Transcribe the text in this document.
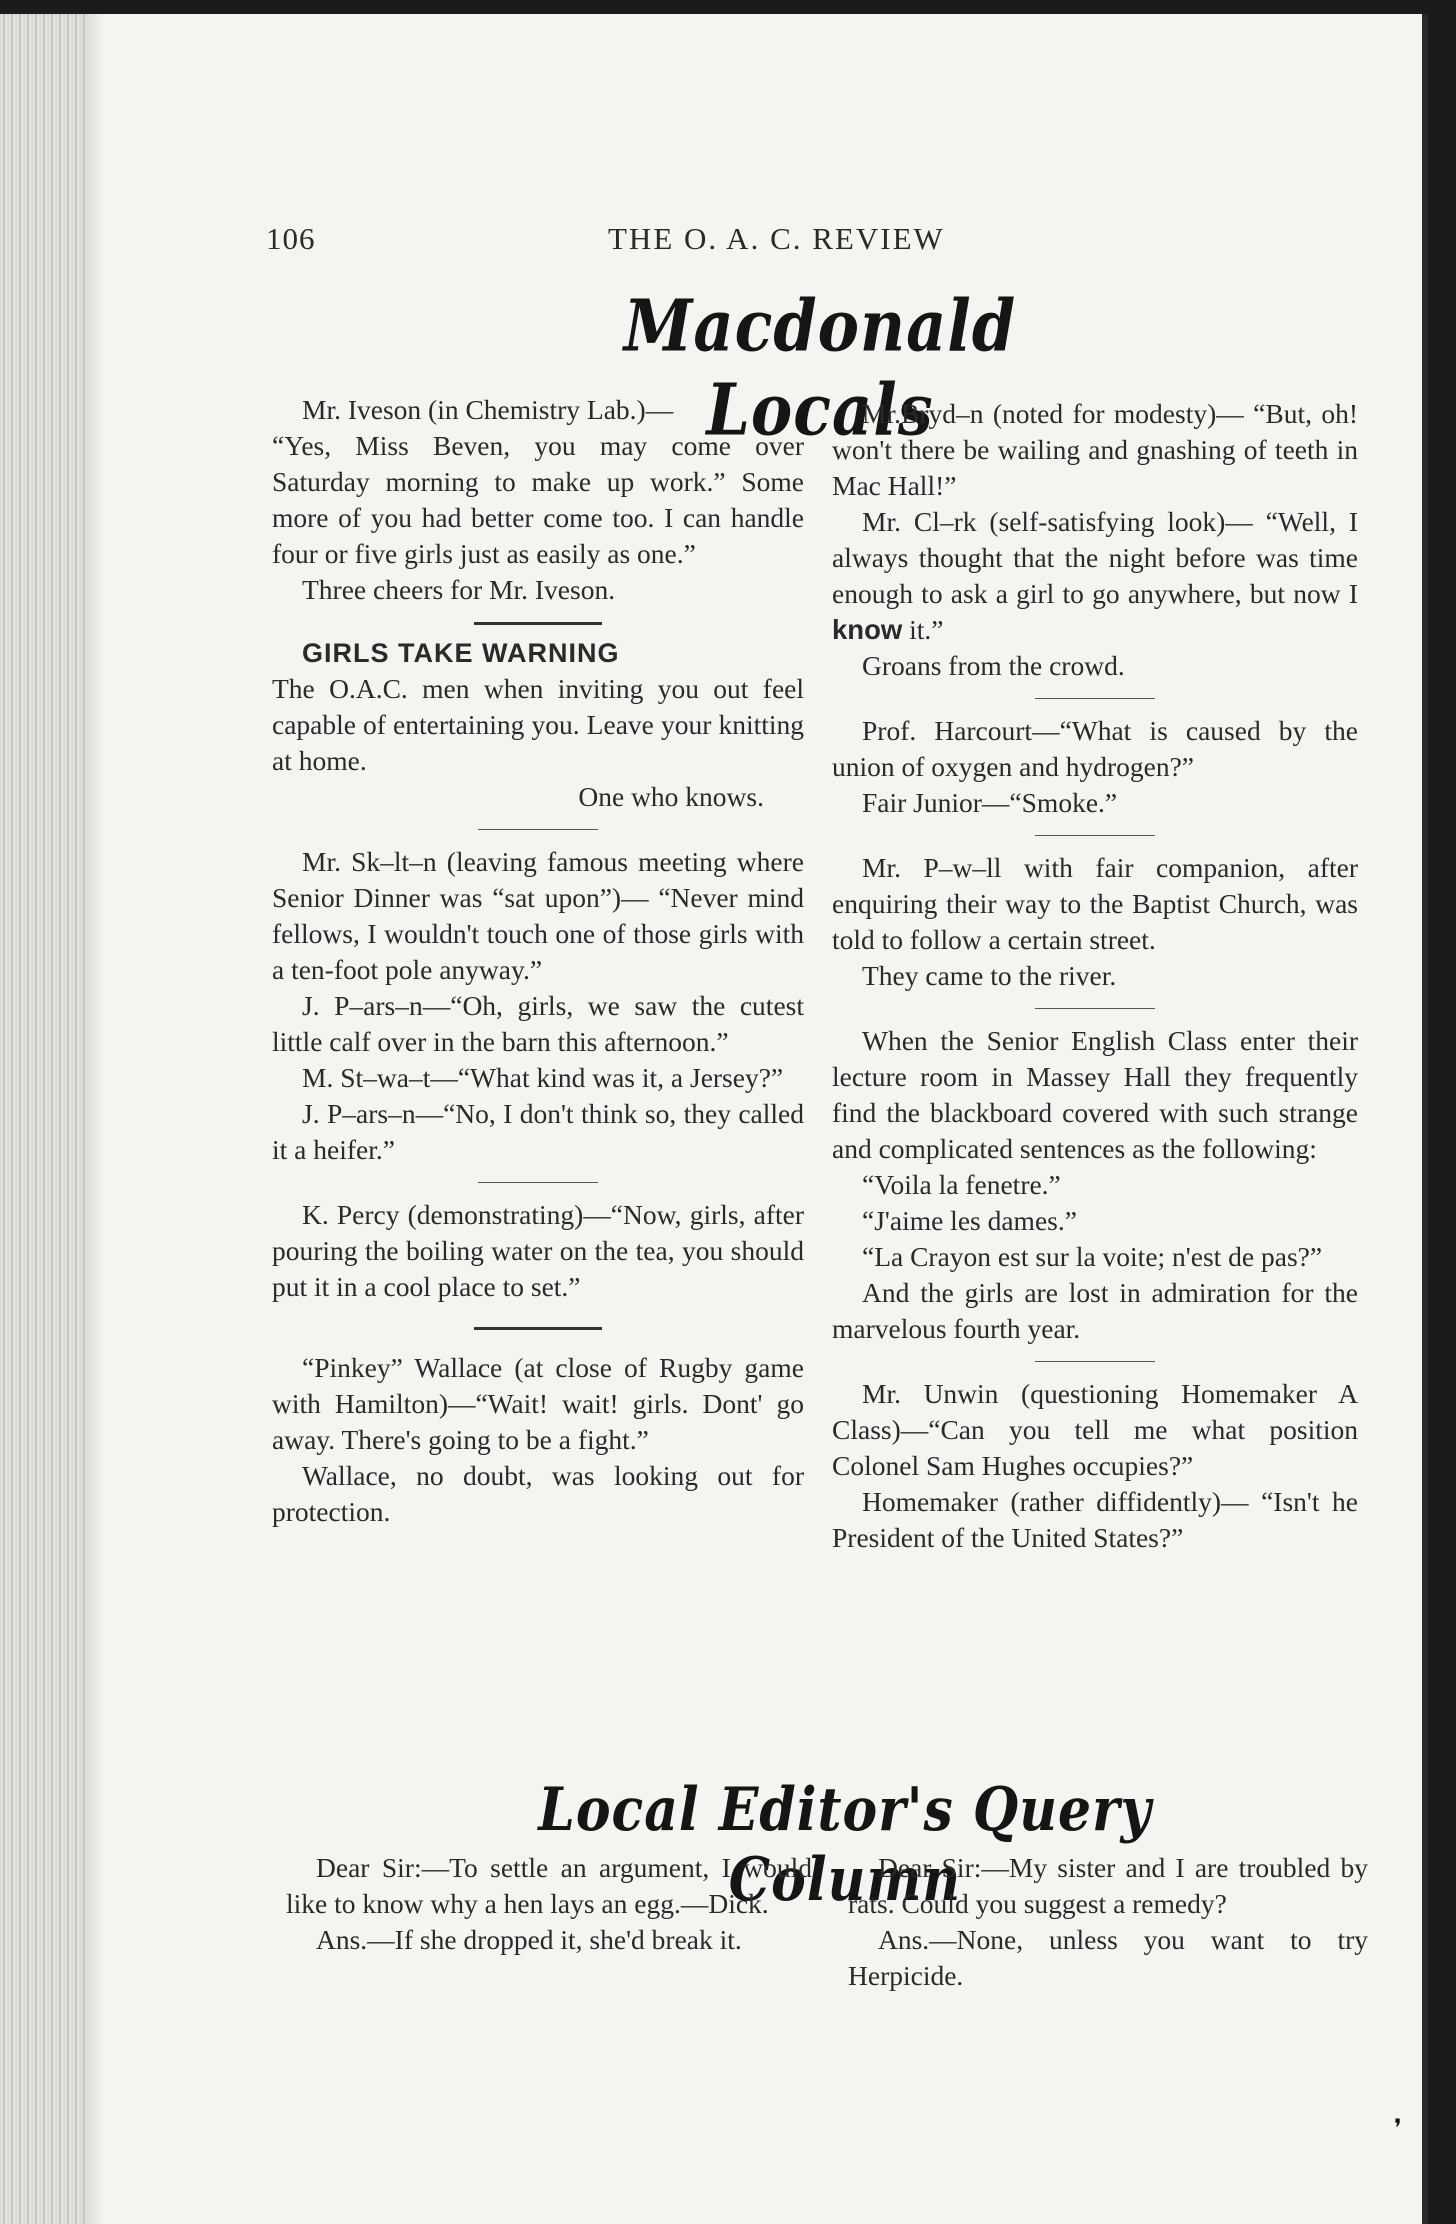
106	THE O. A. C. REVIEW
Macdonald Locals

Mr. Iveson (in Chemistry Lab.)—

“Yes, Miss Beven, you may come over Saturday morning to make up work.” Some more of you had better come too. I can handle four or five girls just as easily as one.”

Three cheers for Mr. Iveson.

GIRLS TAKE WARNING

The O.A.C. men when inviting you out feel capable of entertaining you. Leave your knitting at home.

One who knows.

Mr. Sk–lt–n (leaving famous meeting where Senior Dinner was “sat upon”)— “Never mind fellows, I wouldn't touch one of those girls with a ten-foot pole anyway.”

J. P–ars–n—“Oh, girls, we saw the cutest little calf over in the barn this afternoon.”

M. St–wa–t—“What kind was it, a Jersey?”

J. P–ars–n—“No, I don't think so, they called it a heifer.”

K. Percy (demonstrating)—“Now, girls, after pouring the boiling water on the tea, you should put it in a cool place to set.”

“Pinkey” Wallace (at close of Rugby game with Hamilton)—“Wait! wait! girls. Dont' go away. There's going to be a fight.”

Wallace, no doubt, was looking out for protection.

Mr.Bryd–n (noted for modesty)— “But, oh! won't there be wailing and gnashing of teeth in Mac Hall!”

Mr. Cl–rk (self-satisfying look)— “Well, I always thought that the night before was time enough to ask a girl to go anywhere, but now I know it.”

Groans from the crowd.

Prof. Harcourt—“What is caused by the union of oxygen and hydrogen?”

Fair Junior—“Smoke.”

Mr. P–w–ll with fair companion, after enquiring their way to the Baptist Church, was told to follow a certain street.

They came to the river.

When the Senior English Class enter their lecture room in Massey Hall they frequently find the blackboard covered with such strange and complicated sentences as the following:

“Voila la fenetre.”

“J'aime les dames.”

“La Crayon est sur la voite; n'est de pas?”

And the girls are lost in admiration for the marvelous fourth year.

Mr. Unwin (questioning Homemaker A Class)—“Can you tell me what position Colonel Sam Hughes occupies?”

Homemaker (rather diffidently)— “Isn't he President of the United States?”

Local Editor's Query Column

Dear Sir:—To settle an argument, I would like to know why a hen lays an egg.—Dick.

Ans.—If she dropped it, she'd break it.

Dear Sir:—My sister and I are troubled by rats. Could you suggest a remedy?

Ans.—None, unless you want to try Herpicide.

❜
